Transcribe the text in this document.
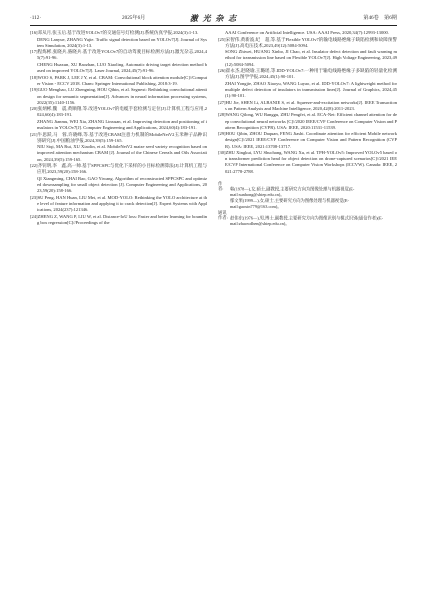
·112·	激 光 杂 志	第46卷　第6期
2025年6月
[16]邓从月,张玉后.基于改进YOLOv7的交通信号灯检测[J].系统仿真学报,2024(3):1-13.
DENG Lanyue, ZHANG Yujie. Traffic signal detection based on YOLOv7[J]. Journal of System Simulation, 2024(3):1-13.
[17]程炼彬,张晓兵,骆晓兵.基于改进YOLOv7的自动驾驶目标检测方法[J].激光杂志,2024,45(7):91-96.
CHENG Huaxun, XU Baozhan, LUO Xiaoling. Automatic driving target detection method based on improved YOLOv7[J]. Laser Journal, 2024,45(7):91-96.
[18]WOO S, PARK J, LEE J Y, et al. CBAM: Convolutional block attention module[C]//Computer Vision - ECCV 2018. Cham: Springer International Publishing, 2018:3-19.
[19]GUO Menghao, LU Zhengning, HOU Qibin, et al. Segnext: Rethinking convolutional attention design for semantic segmentation[J]. Advances in neural information processing systems, 2022(35):1140-1156.
[20]张炳彬,魏　震,黄顺翔,等.改进YOLOv7的电缆手套检测与定位[J].计算机工程与应用,2024,60(4):183-191.
ZHANG Jianmu, WEI Xia, ZHANG Linxuan, et al. Improving detection and positioning of insulators in YOLOv7[J]. Computer Engineering and Applications, 2024,60(4):183-191.
[21]牛思跃,马　蓉,许晓峰,等.基于改进CBAM注意力机制的MobileNetV2玉米种子品种识别研究[J].中国粮油学报,2024,39(5):159-165.
NIU Siqi, MA Rui, XU Xiaolin, et al. MobileNetV2 maize seed variety recognition based on improved attention mechanism CBAM [J]. Journal of the Chinese Cereals and Oils Association, 2024,39(5):159-165.
[22]齐钊明,李　鑫,高一帅.基于SPPCSPC与优化下采样的小目标检测算法[J].计算机工程与应用,2023,59(20):158-166.
QI Xiangming, CHAI Bao, GAO Yiwang. Algorithm of reconstructed SPPCSPC and optimized downsampling for small object detection [J]. Computer Engineering and Applications, 2023,59(20):158-166.
[23]SU Peng, HAN Huan, LIU Mei, et al. MOD-YOLO: Rethinking the YOLO architecture at the level of feature information and applying it to crack detection[J]. Expert Systems with Applications, 2024(237):121346.
[24]ZHENG Z, WANG P, LIU W, et al. Distance-IoU loss: Faster and better learning for bounding box regression[C]//Proceedings of the
AAAI Conference on Artificial Intelligence. USA: AAAI Press, 2020,34(7):12993-13000.
[25]宋智伟,黄新波,纪　超,等.基于Flexible YOLOv7的输电线路绝缘子缺陷检测和故障预警方法[J].高电压技术,2023,49(12):5084-5094.
SONG Zhiwei, HUANG Xinbo, JI Chao, et al. Insulator defect detection and fault warning method for transmission line based on Flexible YOLOv7[J]. High Voltage Engineering, 2023,49(12):5084-5094.
[26]翟永杰,赵晓瑜,王璐瑶,等.IDD-YOLOv7:一种用于输电线路绝缘子多缺陷的轻量化检测方法[J].图学学报,2024,45(1):90-101.
ZHAI Yongjie, ZHAO Xiaoyu, WANG Luyao, et al. IDD-YOLOv7: A lightweight method for multiple defect detection of insulators in transmission lines[J]. Journal of Graphics, 2024,45(1):90-101.
[27]HU Jie, SHEN Li, ALBANIE S, et al. Squeeze-and-excitation networks[J]. IEEE Transactions on Pattern Analysis and Machine Intelligence, 2020,42(8):2011-2023.
[28]WANG Qilong, WU Banggu, ZHU Pengfei, et al. ECA-Net: Efficient channel attention for deep convolutional neural networks [C]//2020 IEEE/CVF Conference on Computer Vision and Pattern Recognition (CVPR). USA: IEEE, 2020:11531-11539.
[29]HOU Qibin, ZHOU Daquan, FENG Jiashi. Coordinate attention for efficient Mobile network design[C]//2021 IEEE/CVF Conference on Computer Vision and Pattern Recognition (CVPR). USA: IEEE, 2021:13708-13717.
[30]ZHU Xingkui, LYU Shuchang, WANG Xu, et al. TPH-YOLOv5: Improved YOLOv5 based on transformer prediction head for object detection on drone-captured scenarios[C]//2021 IEEE/CVF International Conference on Computer Vision Workshops (ICCVW). Canada: IEEE, 2021:2778-2788.
作　者: 韩(1978—),女,硕士,副教授,主要研究方向为图像处理与机器视觉(E-mail:sunhong@shiep.edu.cn)。
鄢文果(1999—),女,硕士,主要研究方向为图像处理与机器视觉(E-mail:gaoxin779@163.com)。
通讯作者: 赵伟东(1976—),男,博士,副教授,主要研究方向为图像识别与模式识别(通信作者)(E-mail:zhaowdhen@shiep.edu.cn)。
